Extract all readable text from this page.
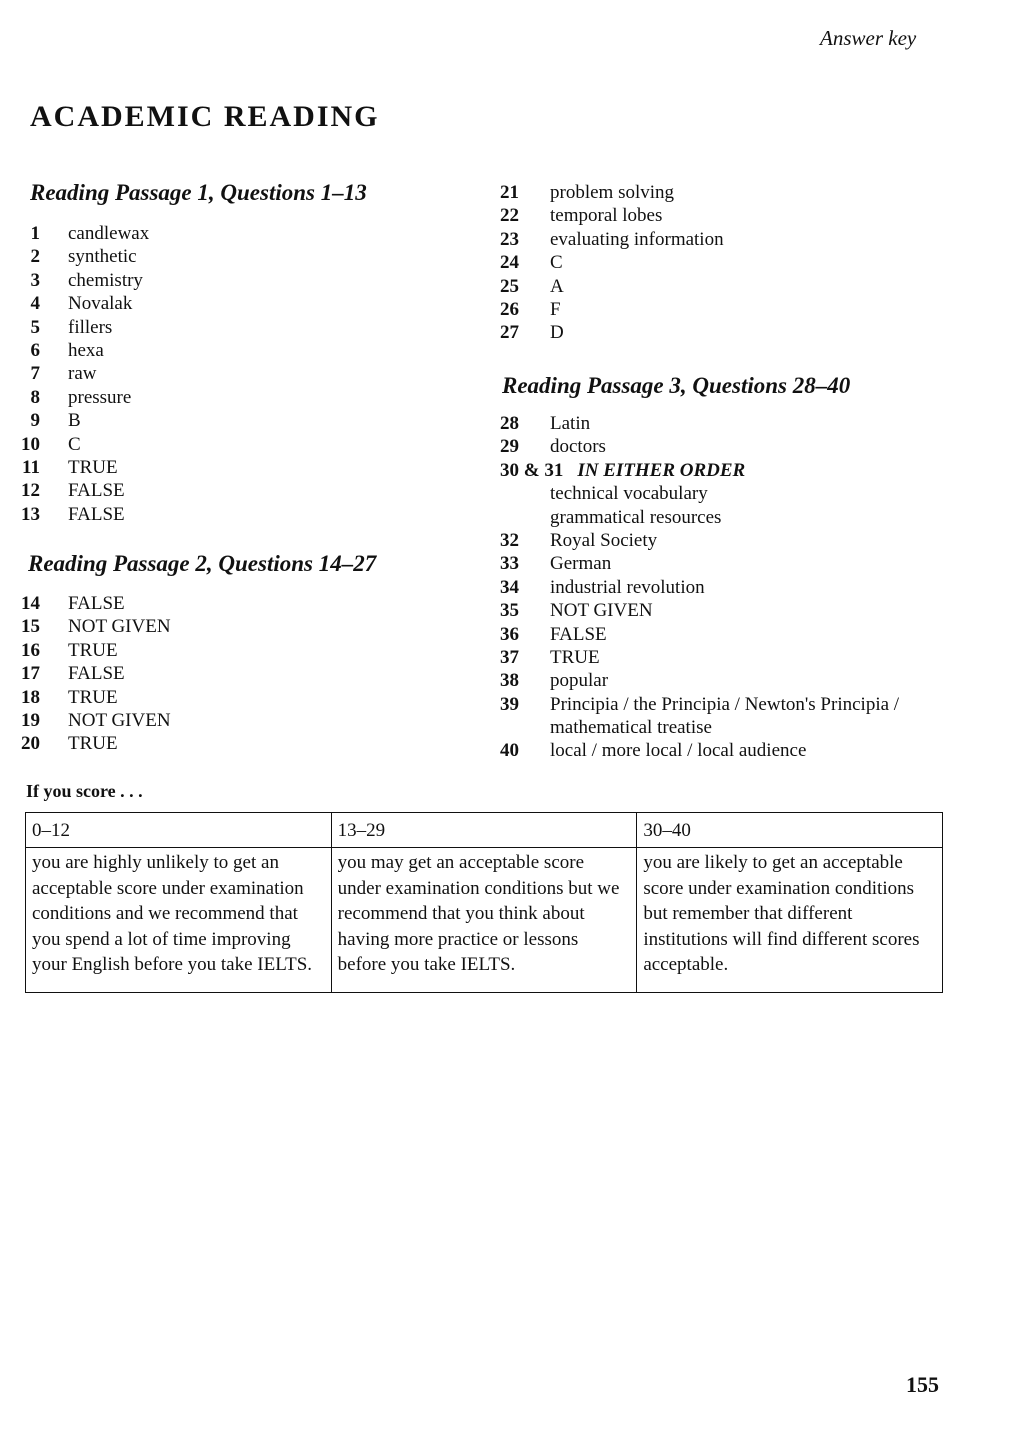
Answer key
ACADEMIC READING
Reading Passage 1, Questions 1–13
1 candlewax
2 synthetic
3 chemistry
4 Novalak
5 fillers
6 hexa
7 raw
8 pressure
9 B
10 C
11 TRUE
12 FALSE
13 FALSE
Reading Passage 2, Questions 14–27
14 FALSE
15 NOT GIVEN
16 TRUE
17 FALSE
18 TRUE
19 NOT GIVEN
20 TRUE
21 problem solving
22 temporal lobes
23 evaluating information
24 C
25 A
26 F
27 D
Reading Passage 3, Questions 28–40
28 Latin
29 doctors
30 & 31 IN EITHER ORDER
technical vocabulary
grammatical resources
32 Royal Society
33 German
34 industrial revolution
35 NOT GIVEN
36 FALSE
37 TRUE
38 popular
39 Principia / the Principia / Newton's Principia /
mathematical treatise
40 local / more local / local audience
If you score . . .
0–12	13–29	30–40
you are highly unlikely to get an acceptable score under examination conditions and we recommend that you spend a lot of time improving your English before you take IELTS.	you may get an acceptable score under examination conditions but we recommend that you think about having more practice or lessons before you take IELTS.	you are likely to get an acceptable score under examination conditions but remember that different institutions will find different scores acceptable.
155
